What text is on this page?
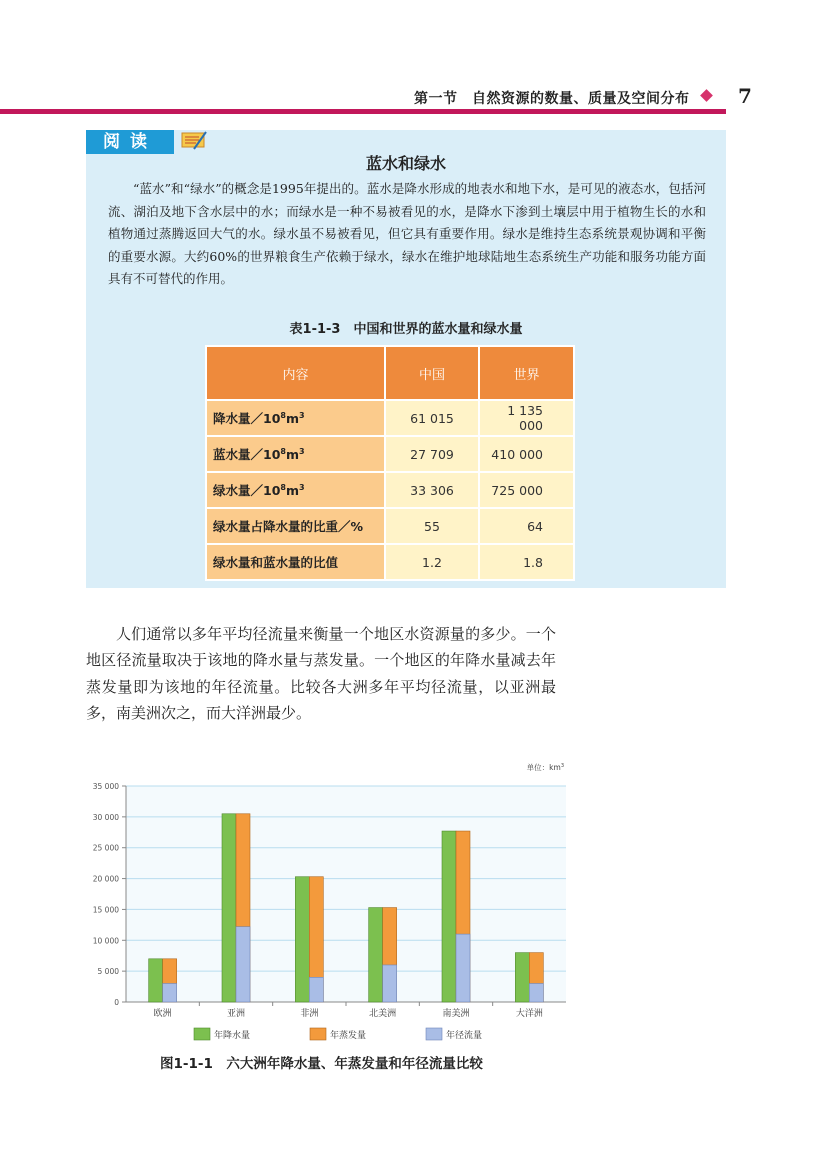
第一节　自然资源的数量、质量及空间分布 7
阅读
蓝水和绿水

“蓝水”和“绿水”的概念是1995年提出的。蓝水是降水形成的地表水和地下水，是可见的液态水，包括河流、湖泊及地下含水层中的水；而绿水是一种不易被看见的水，是降水下渗到土壤层中用于植物生长的水和植物通过蒸腾返回大气的水。绿水虽不易被看见，但它具有重要作用。绿水是维持生态系统景观协调和平衡的重要水源。大约60%的世界粮食生产依赖于绿水，绿水在维护地球陆地生态系统生产功能和服务功能方面具有不可替代的作用。

表1-1-3　中国和世界的蓝水量和绿水量
内容	中国	世界
降水量$/10^8m^3$	61 015	1 135 000
蓝水量$/10^8m^3$	27 709	410 000
绿水量$/10^8m^3$	33 306	725 000
绿水量占降水量的比重／%	55	64
绿水量和蓝水量的比值	1.2	1.8

人们通常以多年平均径流量来衡量一个地区水资源量的多少。一个地区径流量取决于该地的降水量与蒸发量。一个地区的年降水量减去年蒸发量即为该地的年径流量。比较各大洲多年平均径流量，以亚洲最多，南美洲次之，而大洋洲最少。

0
5 000
10 000
15 000
20 000
25 000
30 000
35 000
欧洲	亚洲	非洲	北美洲	南美洲	大洋洲
单位：$km^3$
年降水量	年蒸发量	年径流量
图1-1-1　六大洲年降水量、年蒸发量和年径流量比较
